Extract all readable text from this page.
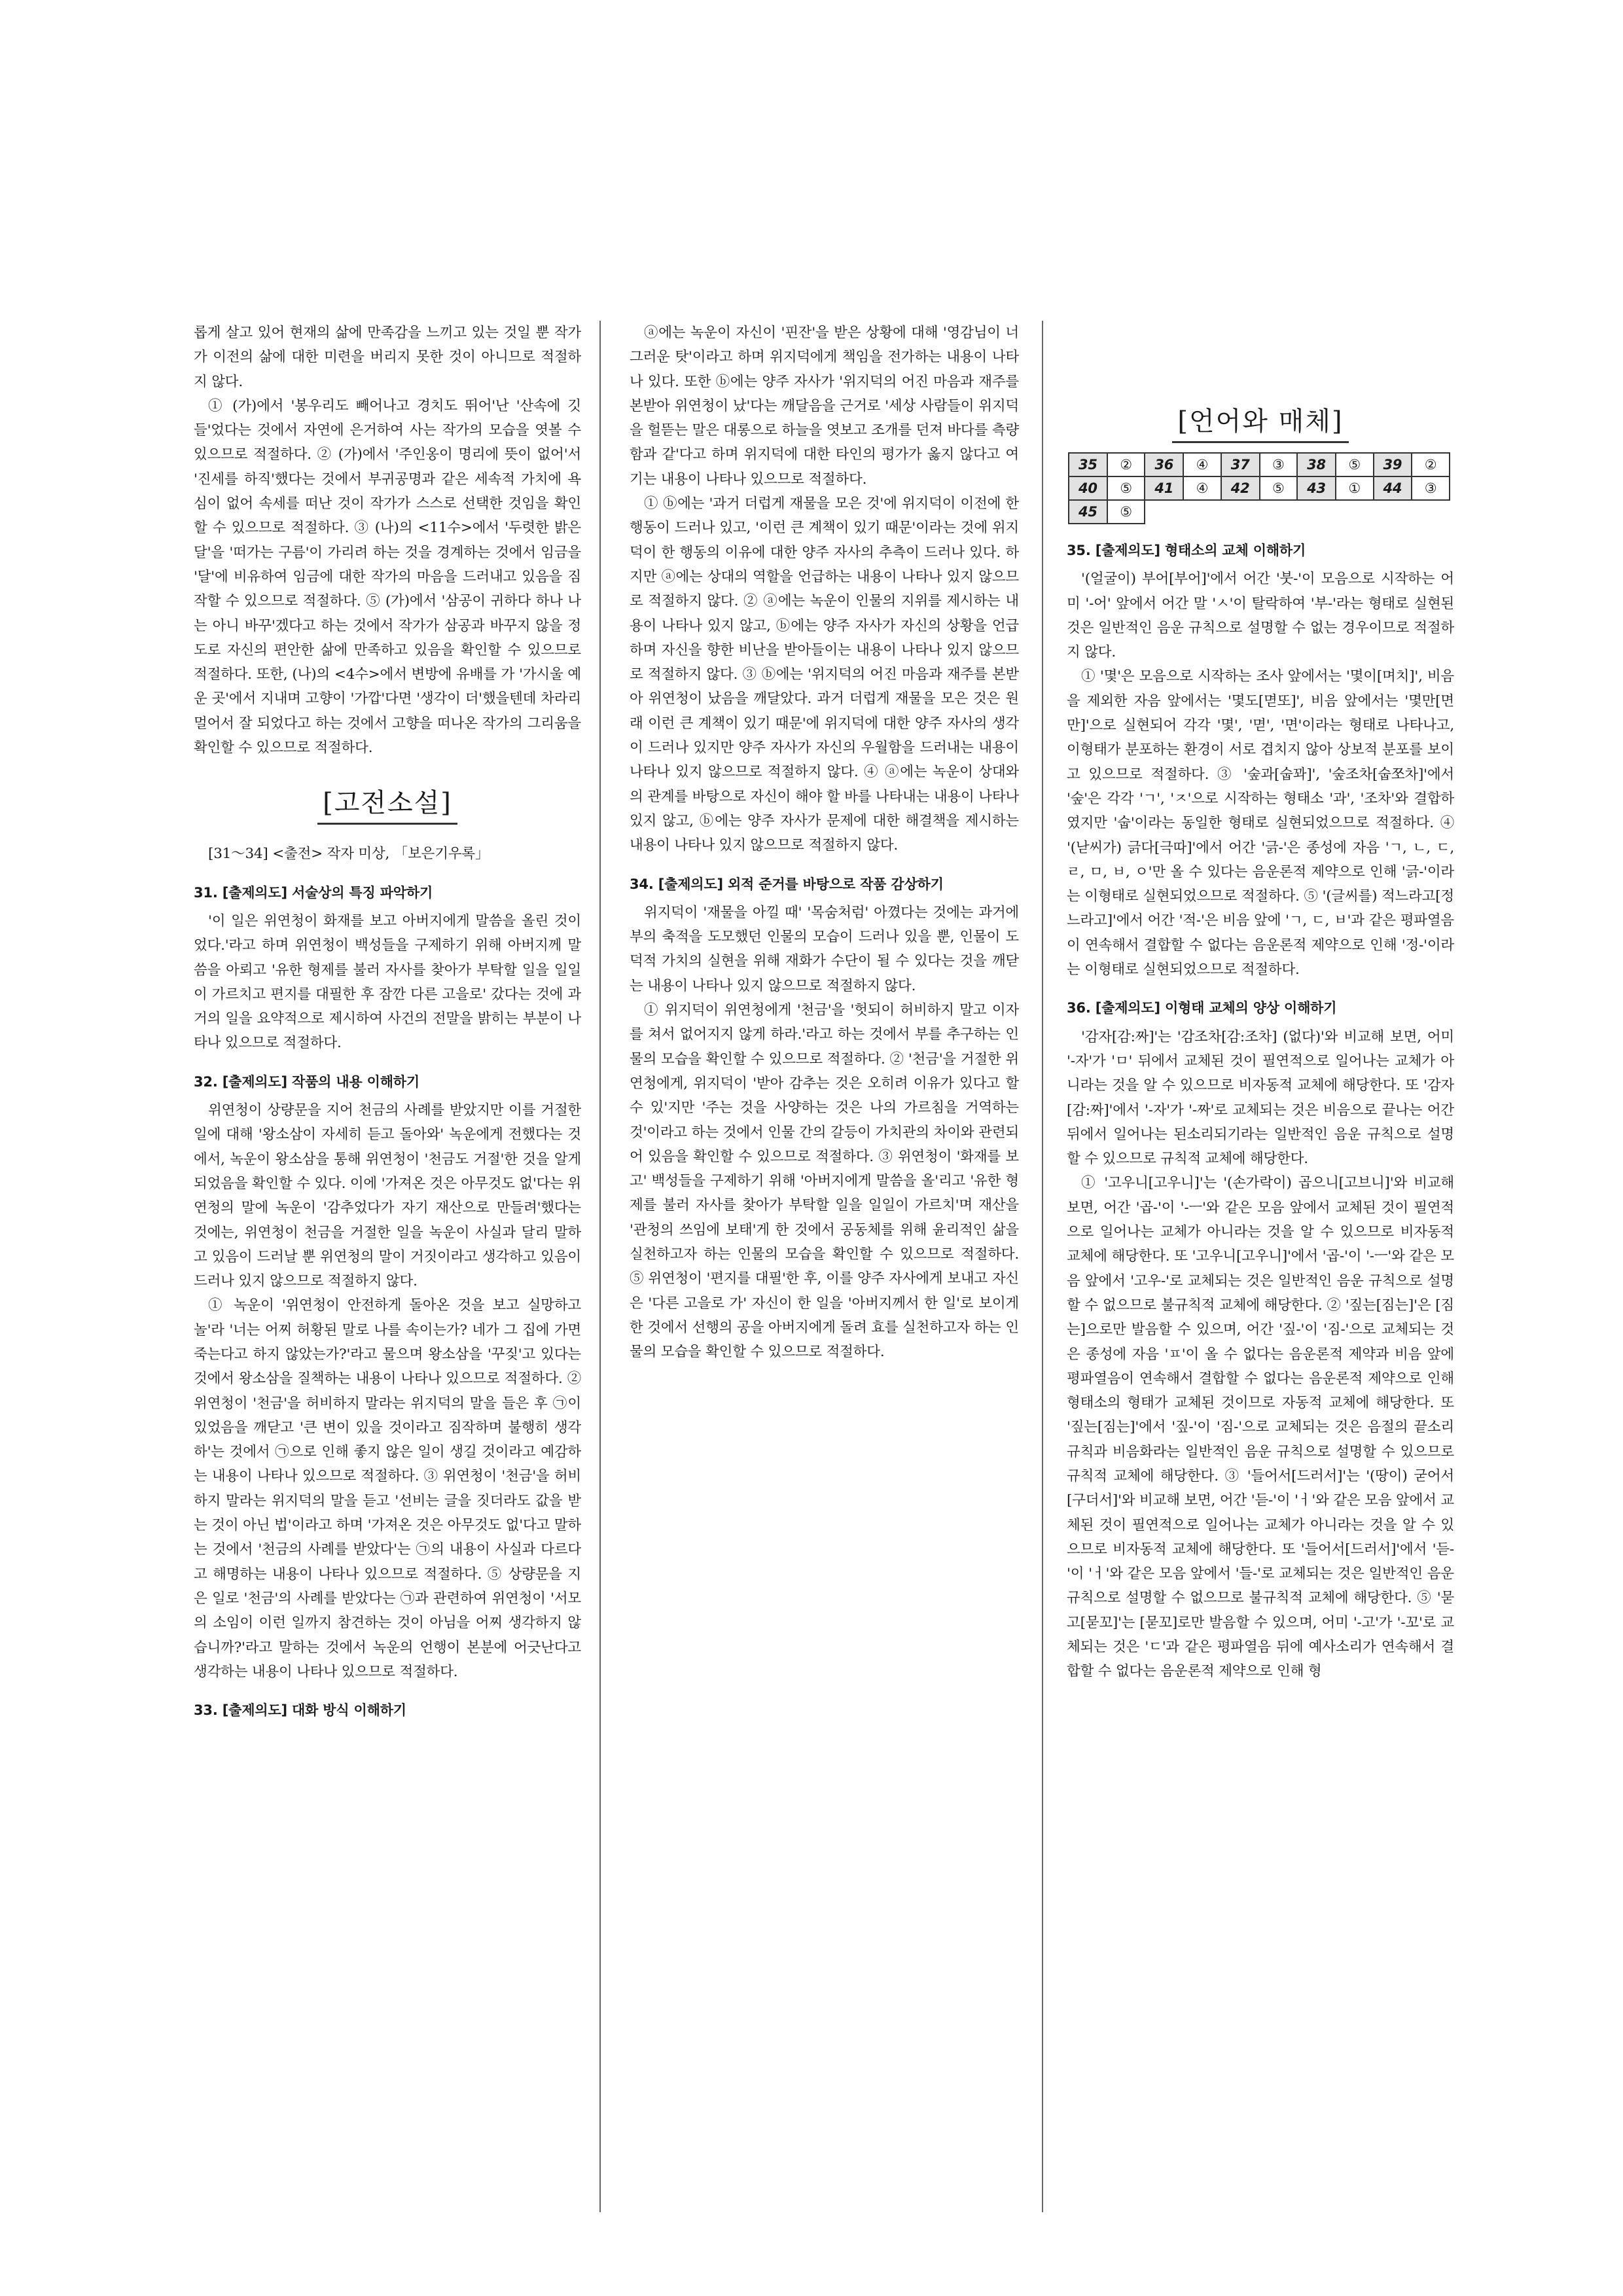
롭게 살고 있어 현재의 삶에 만족감을 느끼고 있는 것일 뿐 작가가 이전의 삶에 대한 미련을 버리지 못한 것이 아니므로 적절하지 않다.

① (가)에서 '봉우리도 빼어나고 경치도 뛰어'난 '산속에 깃들'었다는 것에서 자연에 은거하여 사는 작가의 모습을 엿볼 수 있으므로 적절하다. ② (가)에서 '주인옹이 명리에 뜻이 없어'서 '진세를 하직'했다는 것에서 부귀공명과 같은 세속적 가치에 욕심이 없어 속세를 떠난 것이 작가가 스스로 선택한 것임을 확인할 수 있으므로 적절하다. ③ (나)의 <11수>에서 '두렷한 밝은 달'을 '떠가는 구름'이 가리려 하는 것을 경계하는 것에서 임금을 '달'에 비유하여 임금에 대한 작가의 마음을 드러내고 있음을 짐작할 수 있으므로 적절하다. ⑤ (가)에서 '삼공이 귀하다 하나 나는 아니 바꾸'겠다고 하는 것에서 작가가 삼공과 바꾸지 않을 정도로 자신의 편안한 삶에 만족하고 있음을 확인할 수 있으므로 적절하다. 또한, (나)의 <4수>에서 변방에 유배를 가 '가시울 예운 곳'에서 지내며 고향이 '가깝'다면 '생각이 더'했을텐데 차라리 멀어서 잘 되었다고 하는 것에서 고향을 떠나온 작가의 그리움을 확인할 수 있으므로 적절하다.

[고전소설]

[31～34] <출전> 작자 미상, 「보은기우록」

31. [출제의도] 서술상의 특징 파악하기

'이 일은 위연청이 화재를 보고 아버지에게 말씀을 올린 것이었다.'라고 하며 위연청이 백성들을 구제하기 위해 아버지께 말씀을 아뢰고 '유한 형제를 불러 자사를 찾아가 부탁할 일을 일일이 가르치고 편지를 대필한 후 잠깐 다른 고을로' 갔다는 것에 과거의 일을 요약적으로 제시하여 사건의 전말을 밝히는 부분이 나타나 있으므로 적절하다.

32. [출제의도] 작품의 내용 이해하기

위연청이 상량문을 지어 천금의 사례를 받았지만 이를 거절한 일에 대해 '왕소삼이 자세히 듣고 돌아와' 녹운에게 전했다는 것에서, 녹운이 왕소삼을 통해 위연청이 '천금도 거절'한 것을 알게 되었음을 확인할 수 있다. 이에 '가져온 것은 아무것도 없'다는 위연청의 말에 녹운이 '감추었다가 자기 재산으로 만들려'했다는 것에는, 위연청이 천금을 거절한 일을 녹운이 사실과 달리 말하고 있음이 드러날 뿐 위연청의 말이 거짓이라고 생각하고 있음이 드러나 있지 않으므로 적절하지 않다.

① 녹운이 '위연청이 안전하게 돌아온 것을 보고 실망하고 놀'라 '너는 어찌 허황된 말로 나를 속이는가? 네가 그 집에 가면 죽는다고 하지 않았는가?'라고 물으며 왕소삼을 '꾸짖'고 있다는 것에서 왕소삼을 질책하는 내용이 나타나 있으므로 적절하다. ② 위연청이 '천금'을 허비하지 말라는 위지덕의 말을 들은 후 ㉠이 있었음을 깨닫고 '큰 변이 있을 것이라고 짐작하며 불행히 생각하'는 것에서 ㉠으로 인해 좋지 않은 일이 생길 것이라고 예감하는 내용이 나타나 있으므로 적절하다. ③ 위연청이 '천금'을 허비하지 말라는 위지덕의 말을 듣고 '선비는 글을 짓더라도 값을 받는 것이 아닌 법'이라고 하며 '가져온 것은 아무것도 없'다고 말하는 것에서 '천금의 사례를 받았다'는 ㉠의 내용이 사실과 다르다고 해명하는 내용이 나타나 있으므로 적절하다. ⑤ 상량문을 지은 일로 '천금'의 사례를 받았다는 ㉠과 관련하여 위연청이 '서모의 소임이 이런 일까지 참견하는 것이 아님을 어찌 생각하지 않습니까?'라고 말하는 것에서 녹운의 언행이 본분에 어긋난다고 생각하는 내용이 나타나 있으므로 적절하다.

33. [출제의도] 대화 방식 이해하기

ⓐ에는 녹운이 자신이 '핀잔'을 받은 상황에 대해 '영감님이 너그러운 탓'이라고 하며 위지덕에게 책임을 전가하는 내용이 나타나 있다. 또한 ⓑ에는 양주 자사가 '위지덕의 어진 마음과 재주를 본받아 위연청이 났'다는 깨달음을 근거로 '세상 사람들이 위지덕을 헐뜯는 말은 대롱으로 하늘을 엿보고 조개를 던져 바다를 측량함과 같'다고 하며 위지덕에 대한 타인의 평가가 옳지 않다고 여기는 내용이 나타나 있으므로 적절하다.

① ⓑ에는 '과거 더럽게 재물을 모은 것'에 위지덕이 이전에 한 행동이 드러나 있고, '이런 큰 계책이 있기 때문'이라는 것에 위지덕이 한 행동의 이유에 대한 양주 자사의 추측이 드러나 있다. 하지만 ⓐ에는 상대의 역할을 언급하는 내용이 나타나 있지 않으므로 적절하지 않다. ② ⓐ에는 녹운이 인물의 지위를 제시하는 내용이 나타나 있지 않고, ⓑ에는 양주 자사가 자신의 상황을 언급하며 자신을 향한 비난을 받아들이는 내용이 나타나 있지 않으므로 적절하지 않다. ③ ⓑ에는 '위지덕의 어진 마음과 재주를 본받아 위연청이 났음을 깨달았다. 과거 더럽게 재물을 모은 것은 원래 이런 큰 계책이 있기 때문'에 위지덕에 대한 양주 자사의 생각이 드러나 있지만 양주 자사가 자신의 우월함을 드러내는 내용이 나타나 있지 않으므로 적절하지 않다. ④ ⓐ에는 녹운이 상대와의 관계를 바탕으로 자신이 해야 할 바를 나타내는 내용이 나타나 있지 않고, ⓑ에는 양주 자사가 문제에 대한 해결책을 제시하는 내용이 나타나 있지 않으므로 적절하지 않다.

34. [출제의도] 외적 준거를 바탕으로 작품 감상하기

위지덕이 '재물을 아낄 때' '목숨처럼' 아꼈다는 것에는 과거에 부의 축적을 도모했던 인물의 모습이 드러나 있을 뿐, 인물이 도덕적 가치의 실현을 위해 재화가 수단이 될 수 있다는 것을 깨닫는 내용이 나타나 있지 않으므로 적절하지 않다.

① 위지덕이 위연청에게 '천금'을 '헛되이 허비하지 말고 이자를 쳐서 없어지지 않게 하라.'라고 하는 것에서 부를 추구하는 인물의 모습을 확인할 수 있으므로 적절하다. ② '천금'을 거절한 위연청에게, 위지덕이 '받아 감추는 것은 오히려 이유가 있다고 할 수 있'지만 '주는 것을 사양하는 것은 나의 가르침을 거역하는 것'이라고 하는 것에서 인물 간의 갈등이 가치관의 차이와 관련되어 있음을 확인할 수 있으므로 적절하다. ③ 위연청이 '화재를 보고' 백성들을 구제하기 위해 '아버지에게 말씀을 올'리고 '유한 형제를 불러 자사를 찾아가 부탁할 일을 일일이 가르치'며 재산을 '관청의 쓰임에 보태'게 한 것에서 공동체를 위해 윤리적인 삶을 실천하고자 하는 인물의 모습을 확인할 수 있으므로 적절하다. ⑤ 위연청이 '편지를 대필'한 후, 이를 양주 자사에게 보내고 자신은 '다른 고을로 가' 자신이 한 일을 '아버지께서 한 일'로 보이게 한 것에서 선행의 공을 아버지에게 돌려 효를 실천하고자 하는 인물의 모습을 확인할 수 있으므로 적절하다.

[언어와 매체]
35	②	36	④	37	③	38	⑤	39	②
40	⑤	41	④	42	⑤	43	①	44	③
45	⑤								

35. [출제의도] 형태소의 교체 이해하기

'(얼굴이) 부어[부어]'에서 어간 '붓-'이 모음으로 시작하는 어미 '-어' 앞에서 어간 말 'ㅅ'이 탈락하여 '부-'라는 형태로 실현된 것은 일반적인 음운 규칙으로 설명할 수 없는 경우이므로 적절하지 않다.

① '몇'은 모음으로 시작하는 조사 앞에서는 '몇이[며치]', 비음을 제외한 자음 앞에서는 '몇도[멷또]', 비음 앞에서는 '몇만[면만]'으로 실현되어 각각 '몇', '멷', '면'이라는 형태로 나타나고, 이형태가 분포하는 환경이 서로 겹치지 않아 상보적 분포를 보이고 있으므로 적절하다. ③ '숲과[숩꽈]', '숲조차[숩쪼차]'에서 '숲'은 각각 'ㄱ', 'ㅈ'으로 시작하는 형태소 '과', '조차'와 결합하였지만 '숩'이라는 동일한 형태로 실현되었으므로 적절하다. ④ '(낟씨가) 긁다[극따]'에서 어간 '긁-'은 종성에 자음 'ㄱ, ㄴ, ㄷ, ㄹ, ㅁ, ㅂ, ㅇ'만 올 수 있다는 음운론적 제약으로 인해 '긁-'이라는 이형태로 실현되었으므로 적절하다. ⑤ '(글씨를) 적느라고[정느라고]'에서 어간 '적-'은 비음 앞에 'ㄱ, ㄷ, ㅂ'과 같은 평파열음이 연속해서 결합할 수 없다는 음운론적 제약으로 인해 '정-'이라는 이형태로 실현되었으므로 적절하다.

36. [출제의도] 이형태 교체의 양상 이해하기

'감자[감:짜]'는 '감조차[감:조차] (없다)'와 비교해 보면, 어미 '-자'가 'ㅁ' 뒤에서 교체된 것이 필연적으로 일어나는 교체가 아니라는 것을 알 수 있으므로 비자동적 교체에 해당한다. 또 '감자[감:짜]'에서 '-자'가 '-짜'로 교체되는 것은 비음으로 끝나는 어간 뒤에서 일어나는 된소리되기라는 일반적인 음운 규칙으로 설명할 수 있으므로 규칙적 교체에 해당한다.

① '고우니[고우니]'는 '(손가락이) 곱으니[고브니]'와 비교해 보면, 어간 '곱-'이 '-ㅡ'와 같은 모음 앞에서 교체된 것이 필연적으로 일어나는 교체가 아니라는 것을 알 수 있으므로 비자동적 교체에 해당한다. 또 '고우니[고우니]'에서 '곱-'이 '-ㅡ'와 같은 모음 앞에서 '고우-'로 교체되는 것은 일반적인 음운 규칙으로 설명할 수 없으므로 불규칙적 교체에 해당한다. ② '짚는[짐는]'은 [짐는]으로만 발음할 수 있으며, 어간 '짚-'이 '짐-'으로 교체되는 것은 종성에 자음 'ㅍ'이 올 수 없다는 음운론적 제약과 비음 앞에 평파열음이 연속해서 결합할 수 없다는 음운론적 제약으로 인해 형태소의 형태가 교체된 것이므로 자동적 교체에 해당한다. 또 '짚는[짐는]'에서 '짚-'이 '짐-'으로 교체되는 것은 음절의 끝소리 규칙과 비음화라는 일반적인 음운 규칙으로 설명할 수 있으므로 규칙적 교체에 해당한다. ③ '들어서[드러서]'는 '(땅이) 굳어서[구더서]'와 비교해 보면, 어간 '듣-'이 'ㅓ'와 같은 모음 앞에서 교체된 것이 필연적으로 일어나는 교체가 아니라는 것을 알 수 있으므로 비자동적 교체에 해당한다. 또 '들어서[드러서]'에서 '듣-'이 'ㅓ'와 같은 모음 앞에서 '들-'로 교체되는 것은 일반적인 음운 규칙으로 설명할 수 없으므로 불규칙적 교체에 해당한다. ⑤ '묻고[묻꼬]'는 [묻꼬]로만 발음할 수 있으며, 어미 '-고'가 '-꼬'로 교체되는 것은 'ㄷ'과 같은 평파열음 뒤에 예사소리가 연속해서 결합할 수 없다는 음운론적 제약으로 인해 형
